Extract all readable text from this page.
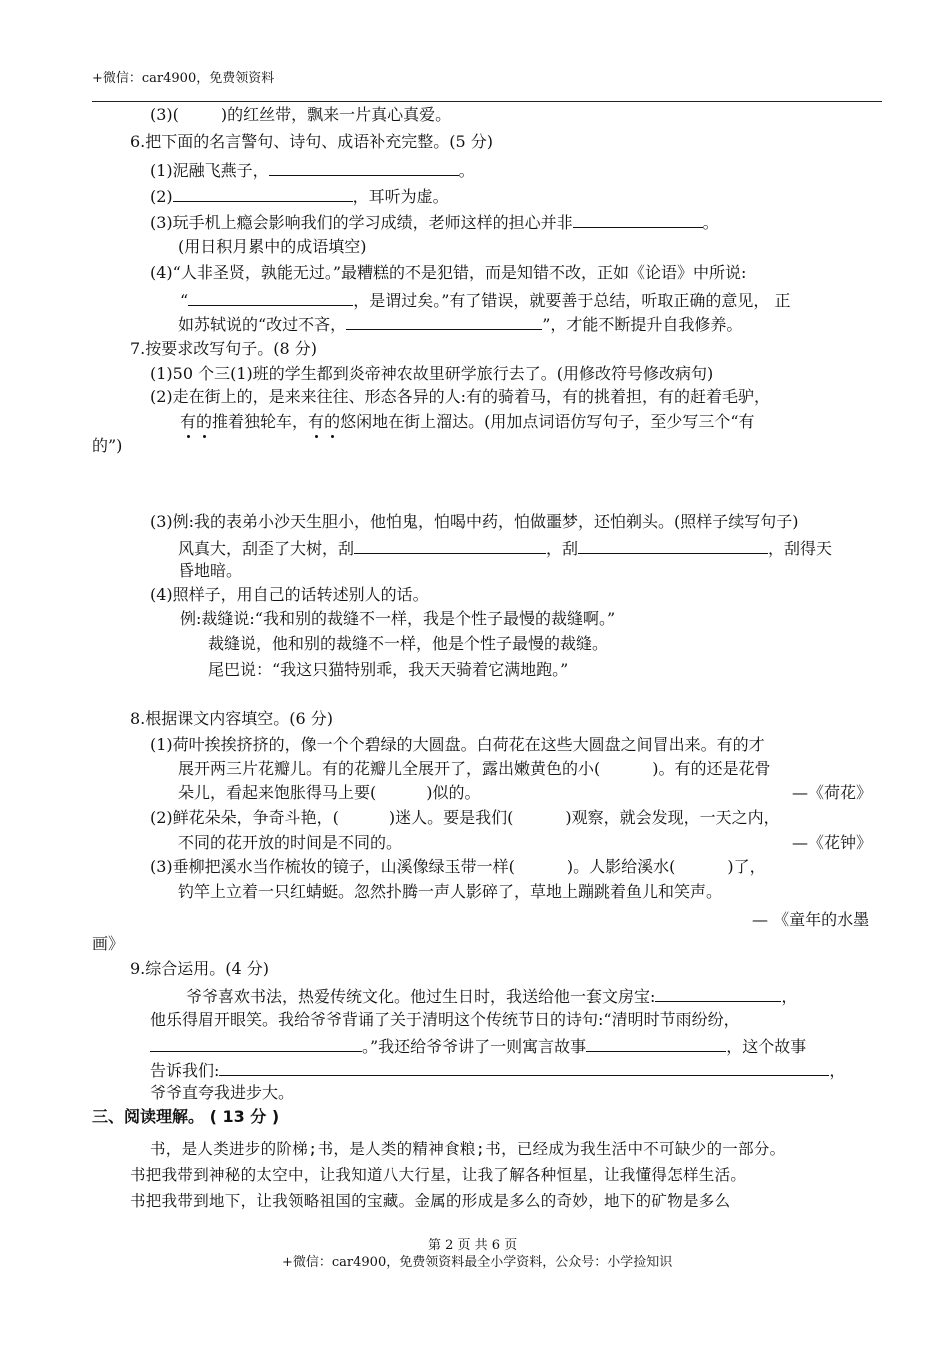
+微信：car4900，免费领资料
(3)(	)的红丝带，飘来一片真心真爱。
6.把下面的名言警句、诗句、成语补充完整。(5 分)
(1)泥融飞燕子，	。
(2)	，耳听为虚。
(3)玩手机上瘾会影响我们的学习成绩，老师这样的担心并非	。
(用日积月累中的成语填空)
(4)“人非圣贤，孰能无过。”最糟糕的不是犯错，而是知错不改，正如《论语》中所说:
“	，是谓过矣。”有了错误，就要善于总结，听取正确的意见， 正
如苏轼说的“改过不吝，	”，才能不断提升自我修养。
7.按要求改写句子。(8 分)
(1)50 个三(1)班的学生都到炎帝神农故里研学旅行去了。(用修改符号修改病句)
(2)走在街上的，是来来往往、形态各异的人:有的骑着马，有的挑着担，有的赶着毛驴，
有的推着独轮车，有的悠闲地在街上溜达。(用加点词语仿写句子，至少写三个“有
的”)
(3)例:我的表弟小沙天生胆小，他怕鬼，怕喝中药，怕做噩梦，还怕剃头。(照样子续写句子)
风真大，刮歪了大树，刮	，刮	，刮得天
昏地暗。
(4)照样子，用自己的话转述别人的话。
例:裁缝说:“我和别的裁缝不一样，我是个性子最慢的裁缝啊。”
裁缝说，他和别的裁缝不一样，他是个性子最慢的裁缝。
尾巴说：“我这只猫特别乖，我天天骑着它满地跑。”
8.根据课文内容填空。(6 分)
(1)荷叶挨挨挤挤的，像一个个碧绿的大圆盘。白荷花在这些大圆盘之间冒出来。有的才
展开两三片花瓣儿。有的花瓣儿全展开了，露出嫩黄色的小(	)。有的还是花骨
朵儿，看起来饱胀得马上要(	)似的。	—《荷花》
(2)鲜花朵朵，争奇斗艳，(	)迷人。要是我们(	)观察，就会发现，一天之内，
不同的花开放的时间是不同的。	—《花钟》
(3)垂柳把溪水当作梳妆的镜子，山溪像绿玉带一样(	)。人影给溪水(	)了，
钓竿上立着一只红蜻蜓。忽然扑腾一声人影碎了，草地上蹦跳着鱼儿和笑声。
— 《童年的水墨
画》
9.综合运用。(4 分)
爷爷喜欢书法，热爱传统文化。他过生日时，我送给他一套文房宝:	，
他乐得眉开眼笑。我给爷爷背诵了关于清明这个传统节日的诗句:“清明时节雨纷纷，
。”我还给爷爷讲了一则寓言故事	，这个故事
告诉我们:	，
爷爷直夸我进步大。
三、阅读理解。 ( 13 分 )
书，是人类进步的阶梯;书，是人类的精神食粮;书，已经成为我生活中不可缺少的一部分。
书把我带到神秘的太空中，让我知道八大行星，让我了解各种恒星，让我懂得怎样生活。
书把我带到地下，让我领略祖国的宝藏。金属的形成是多么的奇妙，地下的矿物是多么
第 2 页 共 6 页
+微信：car4900，免费领资料最全小学资料，公众号：小学捡知识
